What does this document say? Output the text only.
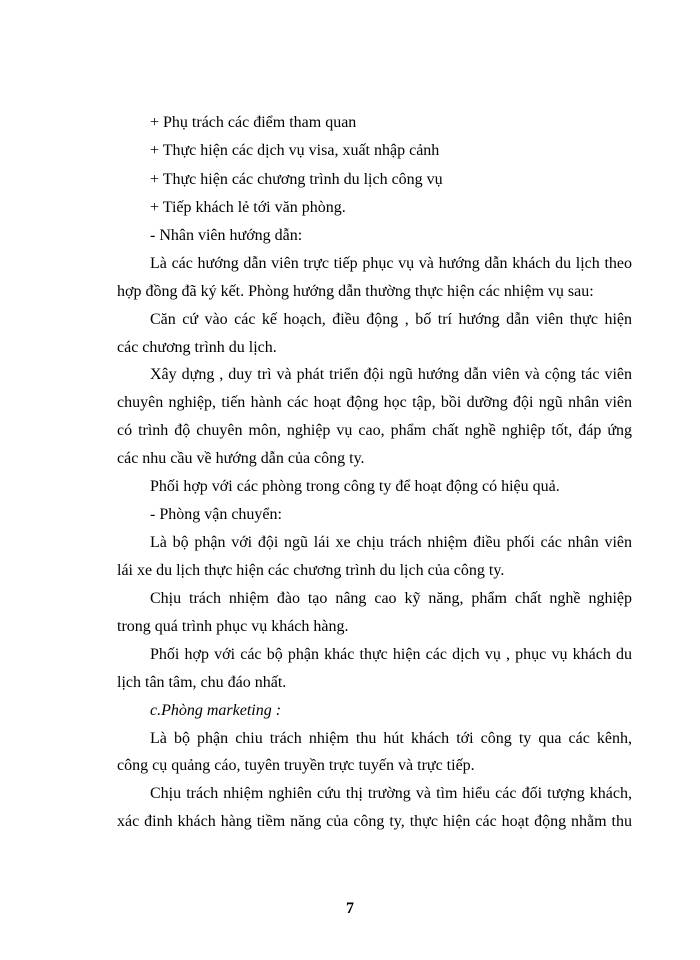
+ Phụ trách các điểm tham quan

+ Thực hiện các dịch vụ visa, xuất nhập cảnh

+ Thực hiện các chương trình du lịch công vụ

+ Tiếp khách lẻ tới văn phòng.

- Nhân viên hướng dẫn:

Là các hướng dẫn viên trực tiếp phục vụ và hướng dẫn khách du lịch theo

hợp đồng đã ký kết. Phòng hướng dẫn thường thực hiện các nhiệm vụ sau:

Căn cứ vào các kế hoạch, điều động , bố trí hướng dẫn viên thực hiện

các chương trình du lịch.

Xây dựng , duy trì và phát triển đội ngũ hướng dẫn viên và cộng tác viên

chuyên nghiệp, tiến hành các hoạt động học tập, bồi dưỡng đội ngũ nhân viên

có trình độ chuyên môn, nghiệp vụ cao, phẩm chất nghề nghiệp tốt, đáp ứng

các nhu cầu về hướng dẫn của công ty.

Phối hợp với các phòng trong công ty để hoạt động có hiệu quả.

- Phòng vận chuyển:

Là bộ phận với đội ngũ lái xe chịu trách nhiệm điều phối các nhân viên

lái xe du lịch thực hiện các chương trình du lịch của công ty.

Chịu trách nhiệm đào tạo nâng cao kỹ năng, phẩm chất nghề nghiệp

trong quá trình phục vụ khách hàng.

Phối hợp với các bộ phận khác thực hiện các dịch vụ , phục vụ khách du

lịch tân tâm, chu đáo nhất.

c.Phòng marketing :

Là bộ phận chiu trách nhiệm thu hút khách tới công ty qua các kênh,

công cụ quảng cáo, tuyên truyền trực tuyến và trực tiếp.

Chịu trách nhiệm nghiên cứu thị trường và tìm hiểu các đối tượng khách,

xác đinh khách hàng tiềm năng của công ty, thực hiện các hoạt động nhằm thu

7
